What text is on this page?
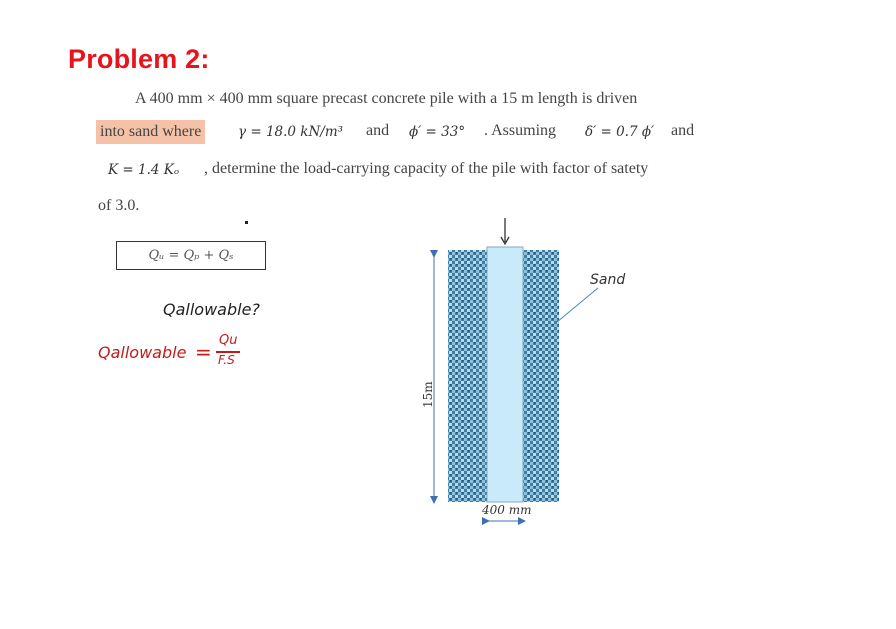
Problem 2:
A 400 mm × 400 mm square precast concrete pile with a 15 m length is driven
into sand where	γ = 18.0 kN/m³ and ϕ′ = 33° . Assuming δ′ = 0.7 ϕ′ and
K = 1.4 Kₒ , determine the load-carrying capacity of the pile with factor of satety
of 3.0.
Qᵤ = Qₚ + Qₛ
Qallowable?
Qallowable = Qu
F.S
15m
Sand
400 mm
